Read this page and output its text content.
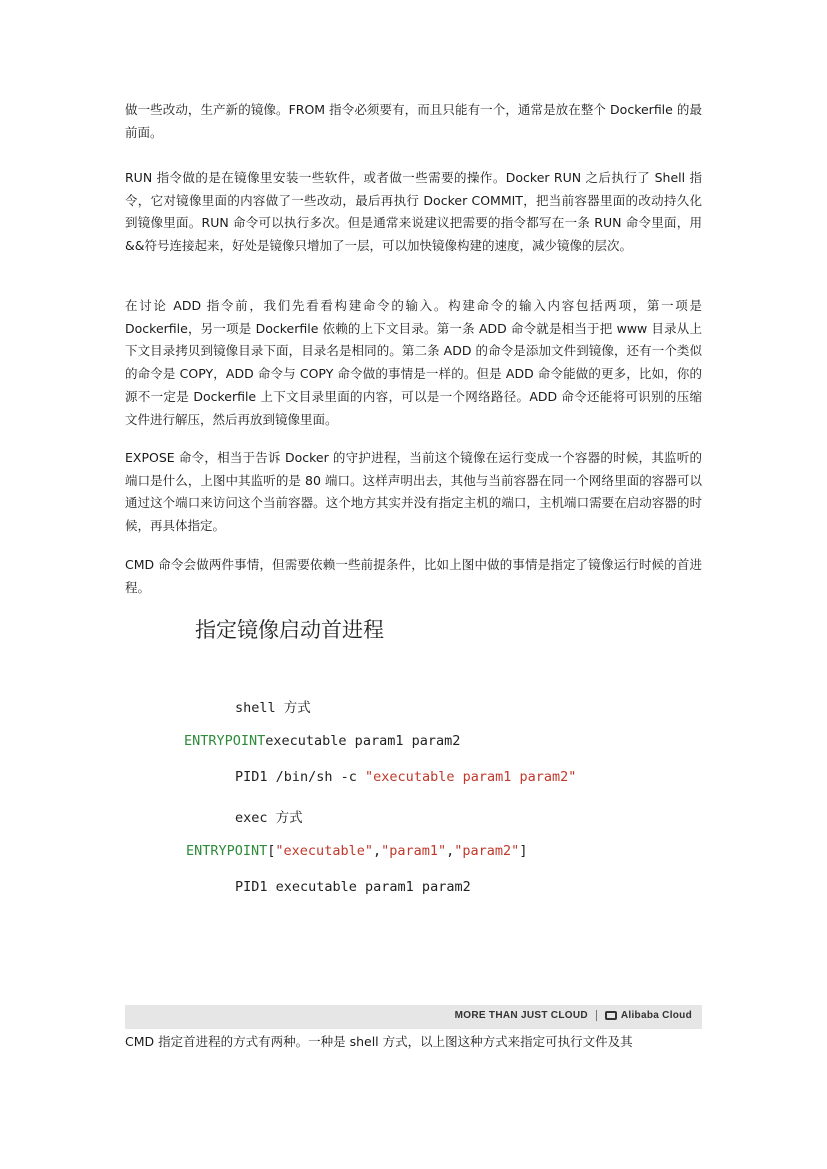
做一些改动，生产新的镜像。FROM 指令必须要有，而且只能有一个，通常是放在整个 Dockerfile 的最前面。

RUN 指令做的是在镜像里安装一些软件，或者做一些需要的操作。Docker RUN 之后执行了 Shell 指令，它对镜像里面的内容做了一些改动，最后再执行 Docker COMMIT，把当前容器里面的改动持久化到镜像里面。RUN 命令可以执行多次。但是通常来说建议把需要的指令都写在一条 RUN 命令里面，用&&符号连接起来，好处是镜像只增加了一层，可以加快镜像构建的速度，减少镜像的层次。

在讨论 ADD 指令前，我们先看看构建命令的输入。构建命令的输入内容包括两项，第一项是 Dockerfile，另一项是 Dockerfile 依赖的上下文目录。第一条 ADD 命令就是相当于把 www 目录从上下文目录拷贝到镜像目录下面，目录名是相同的。第二条 ADD 的命令是添加文件到镜像，还有一个类似的命令是 COPY，ADD 命令与 COPY 命令做的事情是一样的。但是 ADD 命令能做的更多，比如，你的源不一定是 Dockerfile 上下文目录里面的内容，可以是一个网络路径。ADD 命令还能将可识别的压缩文件进行解压，然后再放到镜像里面。

EXPOSE 命令，相当于告诉 Docker 的守护进程，当前这个镜像在运行变成一个容器的时候，其监听的端口是什么，上图中其监听的是 80 端口。这样声明出去，其他与当前容器在同一个网络里面的容器可以通过这个端口来访问这个当前容器。这个地方其实并没有指定主机的端口，主机端口需要在启动容器的时候，再具体指定。

CMD 命令会做两件事情，但需要依赖一些前提条件，比如上图中做的事情是指定了镜像运行时候的首进程。

指定镜像启动首进程
shell 方式
ENTRYPOINTexecutable param1 param2
PID1 /bin/sh -c "executable param1 param2"
exec 方式
ENTRYPOINT["executable","param1","param2"]
PID1 executable param1 param2
MORE THAN JUST CLOUD	Alibaba Cloud

CMD 指定首进程的方式有两种。一种是 shell 方式，以上图这种方式来指定可执行文件及其
